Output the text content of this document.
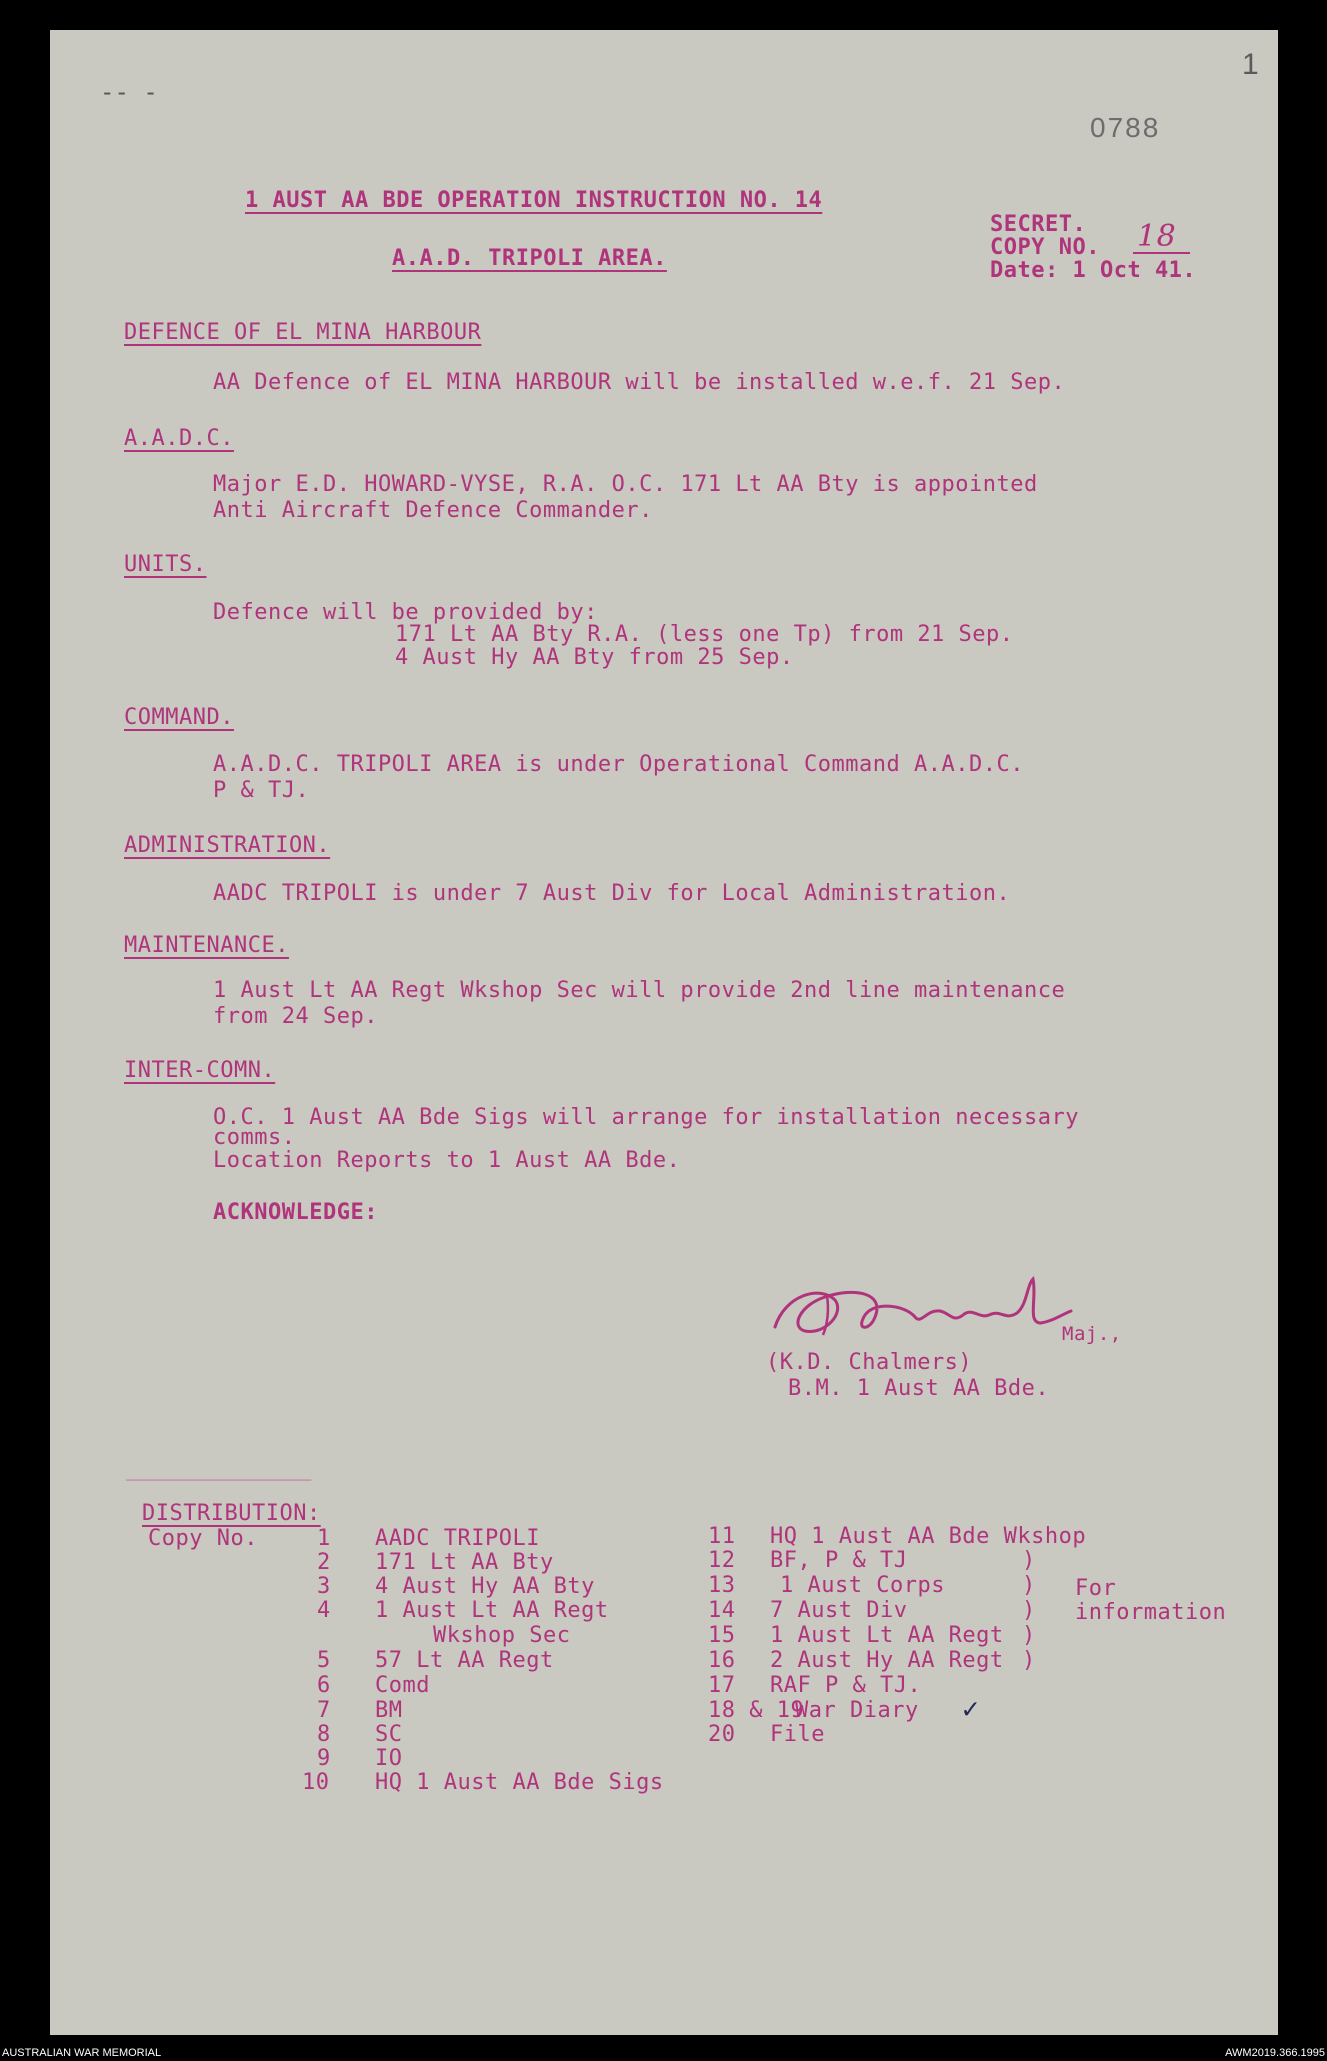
1
0788
-- -
1 AUST AA BDE OPERATION INSTRUCTION NO. 14
A.A.D. TRIPOLI AREA.
SECRET.
COPY NO. 18
Date: 1 Oct 41.
DEFENCE OF EL MINA HARBOUR
AA Defence of EL MINA HARBOUR will be installed w.e.f. 21 Sep.
A.A.D.C.
Major E.D. HOWARD-VYSE, R.A. O.C. 171 Lt AA Bty is appointed
Anti Aircraft Defence Commander.
UNITS.
Defence will be provided by:
171 Lt AA Bty R.A. (less one Tp) from 21 Sep.
4 Aust Hy AA Bty from 25 Sep.
COMMAND.
A.A.D.C. TRIPOLI AREA is under Operational Command A.A.D.C.
P & TJ.
ADMINISTRATION.
AADC TRIPOLI is under 7 Aust Div for Local Administration.
MAINTENANCE.
1 Aust Lt AA Regt Wkshop Sec will provide 2nd line maintenance
from 24 Sep.
INTER-COMN.
O.C. 1 Aust AA Bde Sigs will arrange for installation necessary
comms.
Location Reports to 1 Aust AA Bde.
ACKNOWLEDGE:
Maj.,
(K.D. Chalmers)
B.M. 1 Aust AA Bde.
______________
DISTRIBUTION:
Copy No.	1 AADC TRIPOLI
2 171 Lt AA Bty
3 4 Aust Hy AA Bty
4 1 Aust Lt AA Regt
Wkshop Sec
5 57 Lt AA Regt
6 Comd
7 BM
8 SC
9 IO
10 HQ 1 Aust AA Bde Sigs
11 HQ 1 Aust AA Bde Wkshop
12 BF, P & TJ
13 1 Aust Corps
14 7 Aust Div
15 1 Aust Lt AA Regt
16 2 Aust Hy AA Regt
17 RAF P & TJ.
18 & 19
War Diary ✓
20 File
)
)
)
)
)
For
information
AUSTRALIAN WAR MEMORIAL	AWM2019.366.1995
